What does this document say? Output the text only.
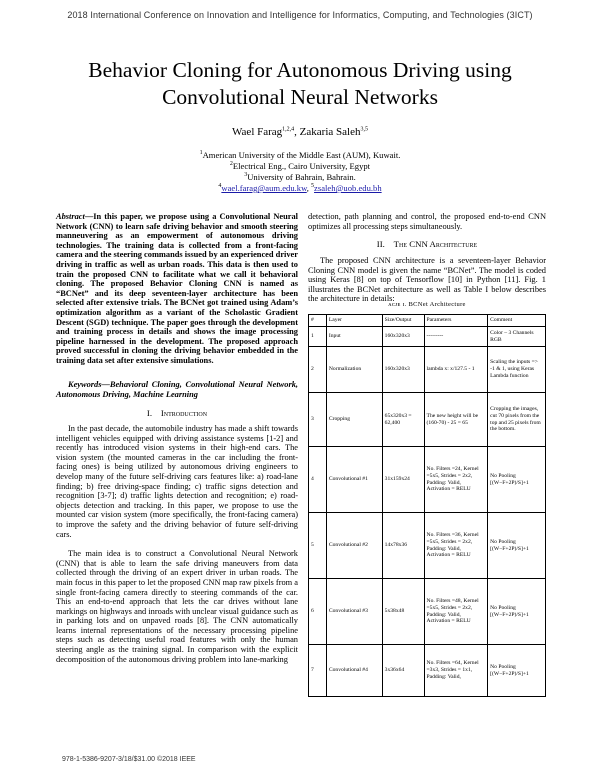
2018 International Conference on Innovation and Intelligence for Informatics, Computing, and Technologies (3ICT)
Behavior Cloning for Autonomous Driving using
Convolutional Neural Networks
Wael Farag$^{1,2,4}$, Zakaria Saleh$^{3,5}$
$^1$American University of the Middle East (AUM), Kuwait.
$^2$Electrical Eng., Cairo University, Egypt
$^3$University of Bahrain, Bahrain.
$^4$wael.farag@aum.edu.kw, $^5$zsaleh@uob.edu.bh
Abstract—In this paper, we propose using a Convolutional Neural Network (CNN) to learn safe driving behavior and smooth steering manneuvering as an empowerment of autonomous driving technologies. The training data is collected from a front-facing camera and the steering commands issued by an experienced driver driving in traffic as well as urban roads. This data is then used to train the proposed CNN to facilitate what we call it behavioral cloning. The proposed Behavior Cloning CNN is named as “BCNet” and its deep seventeen-layer architecture has been selected after extensive trials. The BCNet got trained using Adam’s optimization algorithm as a variant of the Scholastic Gradient Descent (SGD) technique. The paper goes through the development and training process in details and shows the image processing pipeline harnessed in the development. The proposed approach proved successful in cloning the driving behavior embedded in the training data set after extensive simulations.
Keywords—Behavioral Cloning, Convolutional Neural Network, Autonomous Driving, Machine Learning
I. Introduction

In the past decade, the automobile industry has made a shift towards intelligent vehicles equipped with driving assistance systems [1-2] and recently has introduced vision systems in their high-end cars. The vision system (the mounted cameras in the car including the front-facing ones) is being utilized by autonomous driving engineers to develop many of the future self-driving cars features like: a) road-lane finding; b) free driving-space finding; c) traffic signs detection and recognition [3-7]; d) traffic lights detection and recognition; e) road-objects detection and tracking. In this paper, we propose to use the mounted car vision system (more specifically, the front-facing camera) to improve the safety and the driving behavior of future self-driving cars.

The main idea is to construct a Convolutional Neural Network (CNN) that is able to learn the safe driving maneuvers from data collected through the driving of an expert driver in urban roads. The main focus in this paper to let the proposed CNN map raw pixels from a single front-facing camera directly to steering commands of the car. This an end-to-end approach that lets the car drives without lane markings on highways and inroads with unclear visual guidance such as in parking lots and on unpaved roads [8]. The CNN automatically learns internal representations of the necessary processing pipeline steps such as detecting useful road features with only the human steering angle as the training signal. In comparison with the explicit decomposition of the autonomous driving problem into lane-marking

detection, path planning and control, the proposed end-to-end CNN optimizes all processing steps simultaneously.
II. The CNN Architecture

The proposed CNN architecture is a seventeen-layer Behavior Cloning CNN model is given the name “BCNet”. The model is coded using Keras [8] on top of Tensorflow [10] in Python [11]. Fig. 1 illustrates the BCNet architecture as well as Table I below describes the architecture in details:

ᴀᴄᴊᴇ ɪ. BCNet Architecture
#	Layer	Size/Output	Parameters	Comment
1	Input	160x320x3	---------	Color – 3 Channels RGB
2	Normalization	160x320x3	lambda x: x/127.5 - 1	Scaling the inputs => -1 & 1, using Keras Lambda function
3	Cropping	65x320x3 = 62,400	The new height will be (160-70) - 25 = 65	Cropping the images, cut 70 pixels from the top and 25 pixels from the bottom.
4	Convolutional #1	31x159x24	No. Filters =24, Kernel =5x5, Strides = 2x2, Padding: Valid, Activation = RELU	No Pooling [(W−F+2P)/S]+1
5	Convolutional #2	14x78x36	No. Filters =36, Kernel =5x5, Strides = 2x2, Padding: Valid, Activation = RELU	No Pooling [(W−F+2P)/S]+1
6	Convolutional #3	5x38x48	No. Filters =48, Kernel =5x5, Strides = 2x2, Padding: Valid, Activation = RELU	No Pooling [(W−F+2P)/S]+1
7	Convolutional #4	3x36x64	No. Filters =64, Kernel =3x3, Strides = 1x1, Padding: Valid,	No Pooling [(W−F+2P)/S]+1
978-1-5386-9207-3/18/$31.00 ©2018 IEEE
